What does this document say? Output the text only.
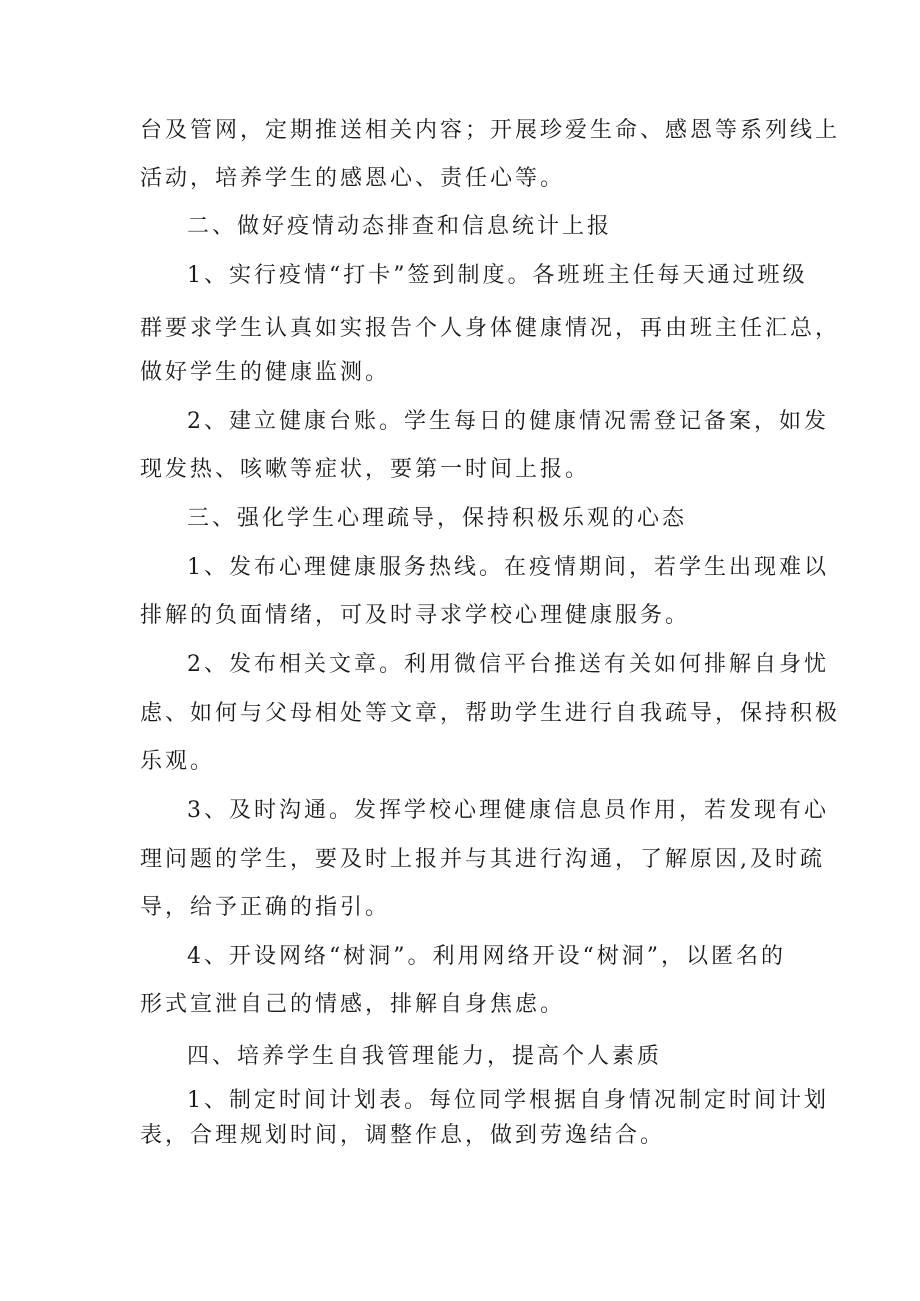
台及管网，定期推送相关内容；开展珍爱生命、感恩等系列线上
活动，培养学生的感恩心、责任心等。
二、做好疫情动态排查和信息统计上报
1、实行疫情“打卡”签到制度。各班班主任每天通过班级
群要求学生认真如实报告个人身体健康情况，再由班主任汇总，
做好学生的健康监测。
2、建立健康台账。学生每日的健康情况需登记备案，如发
现发热、咳嗽等症状，要第一时间上报。
三、强化学生心理疏导，保持积极乐观的心态
1、发布心理健康服务热线。在疫情期间，若学生出现难以
排解的负面情绪，可及时寻求学校心理健康服务。
2、发布相关文章。利用微信平台推送有关如何排解自身忧
虑、如何与父母相处等文章，帮助学生进行自我疏导，保持积极
乐观。
3、及时沟通。发挥学校心理健康信息员作用，若发现有心
理问题的学生，要及时上报并与其进行沟通，了解原因,及时疏
导，给予正确的指引。
4、开设网络“树洞”。利用网络开设“树洞”，以匿名的
形式宣泄自己的情感，排解自身焦虑。
四、培养学生自我管理能力，提高个人素质
1、制定时间计划表。每位同学根据自身情况制定时间计划
表，合理规划时间，调整作息，做到劳逸结合。
